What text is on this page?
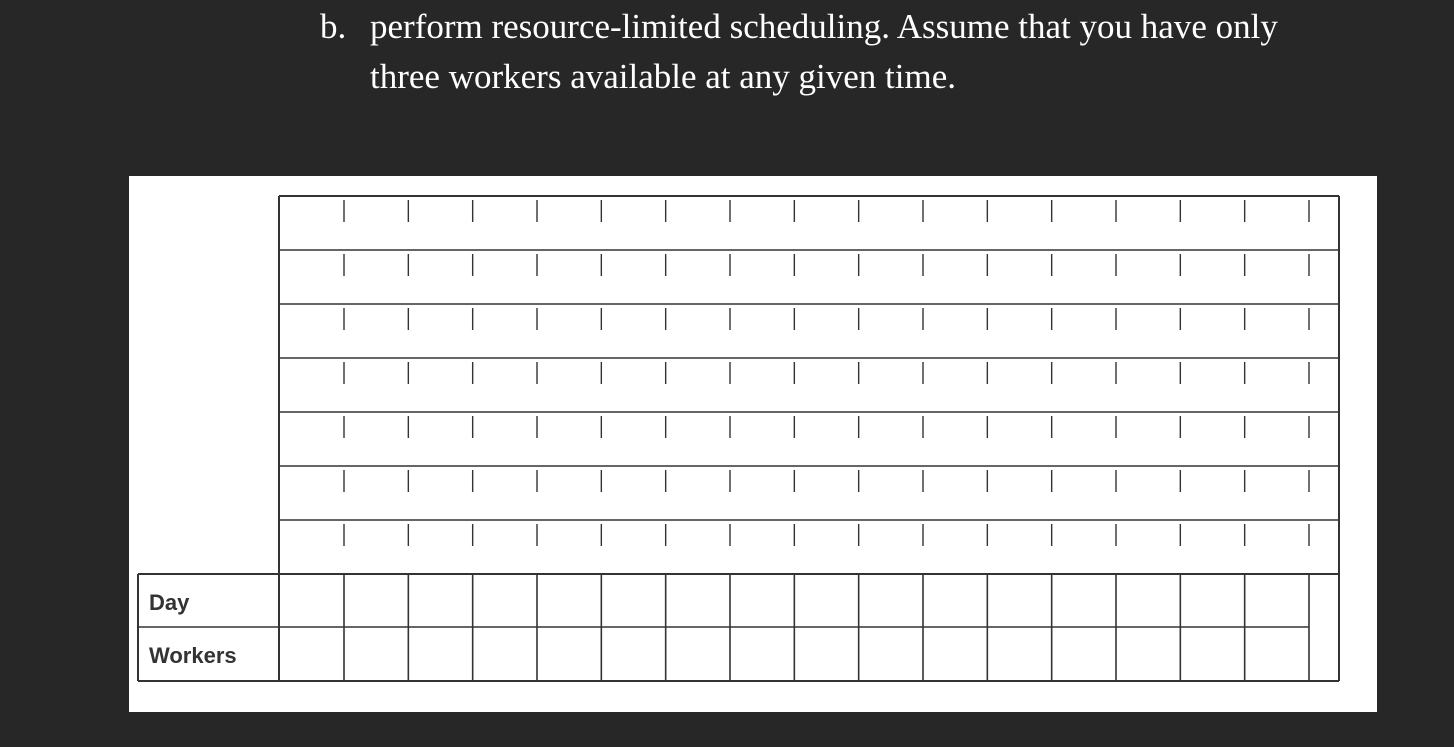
b. perform resource-limited scheduling. Assume that you have only
three workers available at any given time.
Day
Workers
